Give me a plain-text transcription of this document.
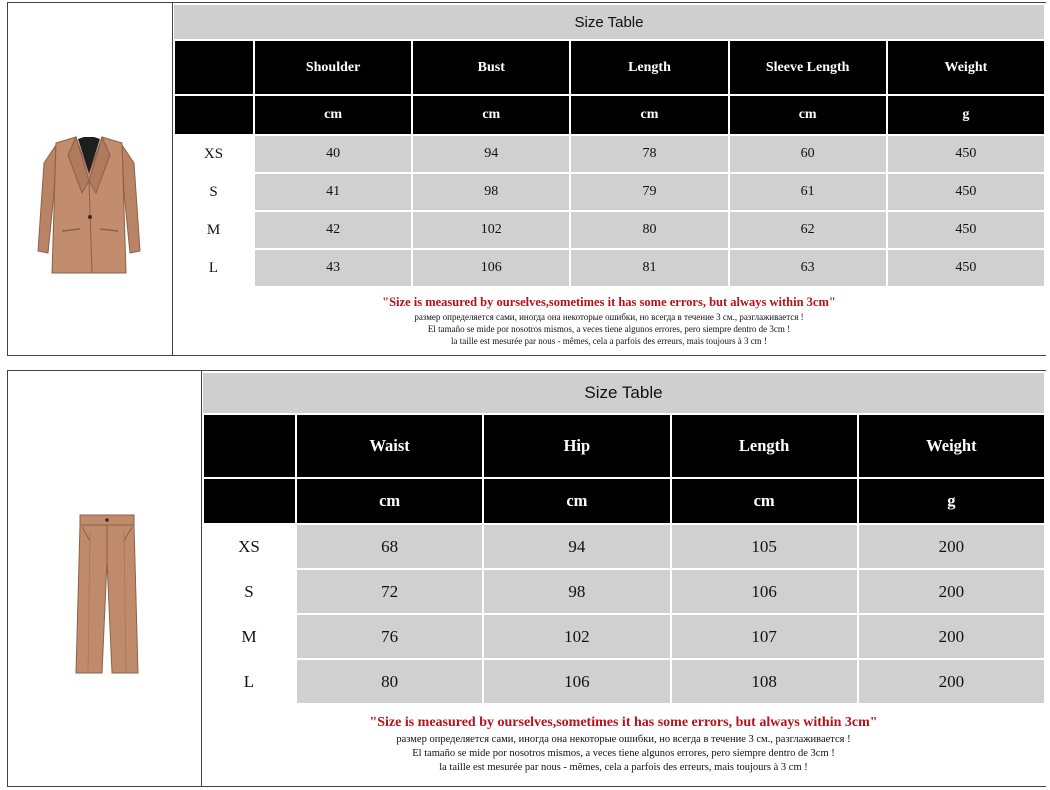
Size Table					
	Shoulder	Bust	Length	Sleeve Length	Weight
	cm	cm	cm	cm	g
XS	40	94	78	60	450
S	41	98	79	61	450
M	42	102	80	62	450
L	43	106	81	63	450

"Size is measured by ourselves,sometimes it has some errors, but always within 3cm"
размер определяется сами, иногда она некоторые ошибки, но всегда в течение 3 см., разглаживается !
El tamaño se mide por nosotros mismos, a veces tiene algunos errores, pero siempre dentro de 3cm !
la taille est mesurée par nous - mêmes, cela a parfois des erreurs, mais toujours à 3 cm !					
Size Table				
	Waist	Hip	Length	Weight
	cm	cm	cm	g
XS	68	94	105	200
S	72	98	106	200
M	76	102	107	200
L	80	106	108	200

"Size is measured by ourselves,sometimes it has some errors, but always within 3cm"
размер определяется сами, иногда она некоторые ошибки, но всегда в течение 3 см., разглаживается !
El tamaño se mide por nosotros mismos, a veces tiene algunos errores, pero siempre dentro de 3cm !
la taille est mesurée par nous - mêmes, cela a parfois des erreurs, mais toujours à 3 cm !				
